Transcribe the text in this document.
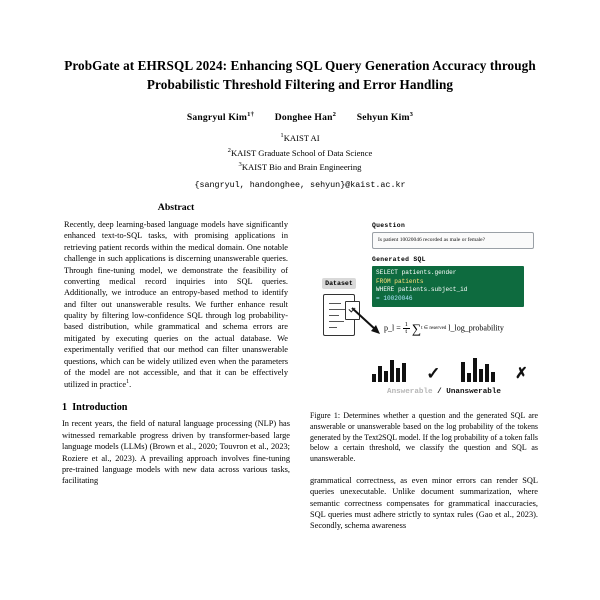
ProbGate at EHRSQL 2024: Enhancing SQL Query Generation Accuracy through Probabilistic Threshold Filtering and Error Handling
Sangryul Kim$^{1\dagger}$ Donghee Han$^2$ Sehyun Kim$^3$
$^1$KAIST AI
$^2$KAIST Graduate School of Data Science
$^3$KAIST Bio and Brain Engineering
{sangryul, handonghee, sehyun}@kaist.ac.kr
Abstract
Recently, deep learning-based language models have significantly enhanced text-to-SQL tasks, with promising applications in retrieving patient records within the medical domain. One notable challenge in such applications is discerning unanswerable queries. Through fine-tuning model, we demonstrate the feasibility of converting medical record inquiries into SQL queries. Additionally, we introduce an entropy-based method to identify and filter out unanswerable results. We further enhance result quality by filtering low-confidence SQL through log probability-based distribution, while grammatical and schema errors are mitigated by executing queries on the actual database. We experimentally verified that our method can filter unanswerable questions, which can be widely utilized even when the parameters of the model are not accessible, and that it can be effectively utilized in practice$^1$.
1 Introduction
In recent years, the field of natural language processing (NLP) has witnessed remarkable progress driven by transformer-based large language models (LLMs) (Brown et al., 2020; Touvron et al., 2023; Roziere et al., 2023). A prevailing approach involves fine-tuning pre-trained language models with new data across various tasks, facilitating
Question
Is patient 10020046 recorded as male or female?
Dataset
Generated SQL
SELECT patients.gender
FROM patients
WHERE patients.subject_id
= 10020046
p_l = $\frac{1}{t} \sum t$ ∈ reserved l_log_probability
✓	✗
Answerable / Unanswerable
Figure 1: Determines whether a question and the generated SQL are answerable or unanswerable based on the log probability of the tokens generated by the Text2SQL model. If the log probability of a token falls below a certain threshold, we classify the question and SQL as unanswerable.
grammatical correctness, as even minor errors can render SQL queries unexecutable. Unlike document summarization, where semantic correctness compensates for grammatical inaccuracies, SQL queries must adhere strictly to syntax rules (Gao et al., 2023). Secondly, schema awareness
